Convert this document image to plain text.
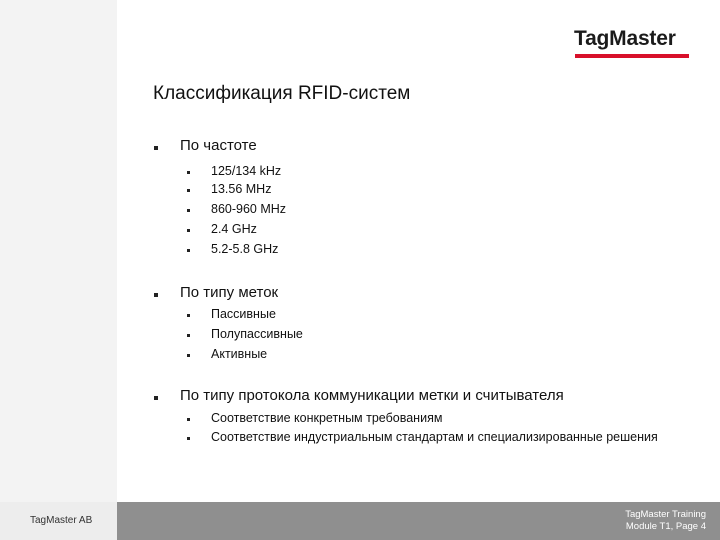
TagMaster
Классификация RFID-систем
По частоте
125/134 kHz
13.56 MHz
860-960 MHz
2.4 GHz
5.2-5.8 GHz
По типу меток
Пассивные
Полупассивные
Активные
По типу протокола коммуникации метки и считывателя
Соответствие конкретным требованиям
Соответствие индустриальным стандартам и специализированные решения
TagMaster AB
TagMaster Training
Module T1, Page 4
